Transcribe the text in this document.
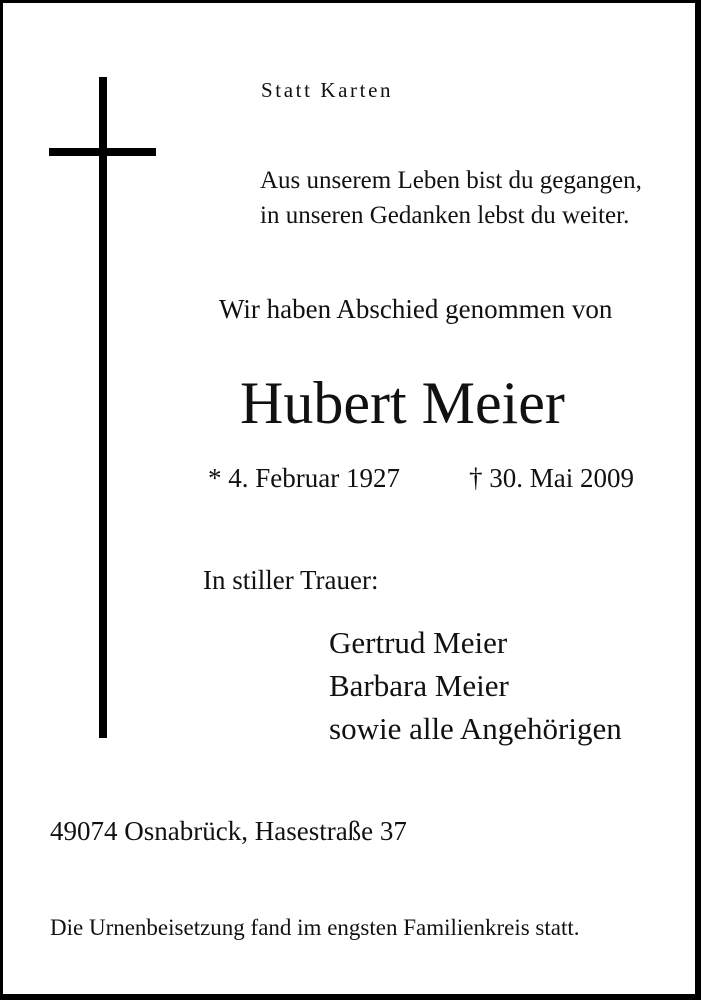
Statt Karten
Aus unserem Leben bist du gegangen,
in unseren Gedanken lebst du weiter.
Wir haben Abschied genommen von
Hubert Meier
* 4. Februar 1927	† 30. Mai 2009
In stiller Trauer:
Gertrud Meier
Barbara Meier
sowie alle Angehörigen
49074 Osnabrück, Hasestraße 37
Die Urnenbeisetzung fand im engsten Familienkreis statt.
